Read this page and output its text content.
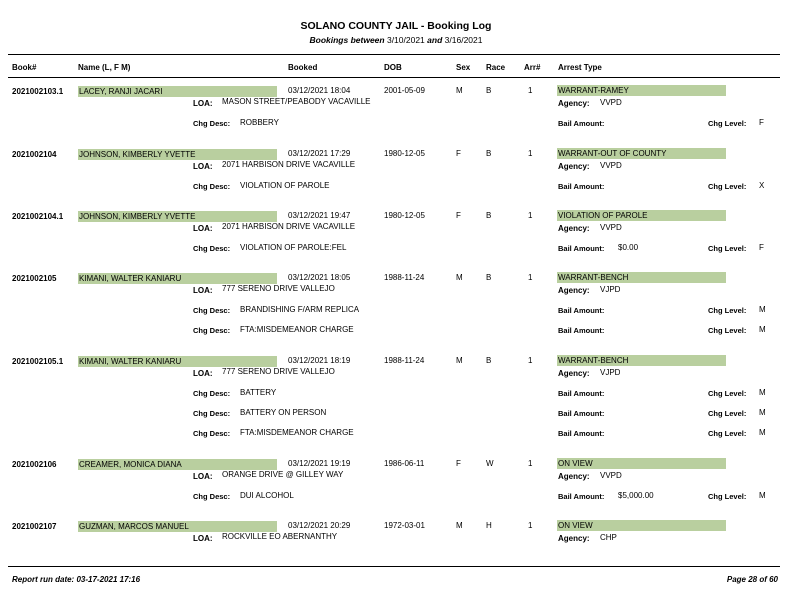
SOLANO COUNTY JAIL - Booking Log
Bookings between 3/10/2021 and 3/16/2021
Book#	Name (L, F M)	Booked	DOB	Sex Race Arr# Arrest Type
2021002103.1 LACEY, RANJI JACARI	03/12/2021 18:04	2001-05-09	M	B	1	WARRANT-RAMEY
LOA: MASON STREET/PEABODY VACAVILLE	Agency: VVPD
Chg Desc: ROBBERY	Bail Amount:	Chg Level: F
2021002104	JOHNSON, KIMBERLY YVETTE	03/12/2021 17:29	1980-12-05	F	B	1	WARRANT-OUT OF COUNTY
LOA: 2071 HARBISON DRIVE VACAVILLE	Agency: VVPD
Chg Desc: VIOLATION OF PAROLE	Bail Amount:	Chg Level: X
2021002104.1 JOHNSON, KIMBERLY YVETTE	03/12/2021 19:47	1980-12-05	F	B	1	VIOLATION OF PAROLE
LOA: 2071 HARBISON DRIVE VACAVILLE	Agency: VVPD
Chg Desc: VIOLATION OF PAROLE:FEL	Bail Amount: $0.00	Chg Level: F
2021002105	KIMANI, WALTER KANIARU	03/12/2021 18:05	1988-11-24	M	B	1	WARRANT-BENCH
LOA: 777 SERENO DRIVE VALLEJO	Agency: VJPD
Chg Desc: BRANDISHING F/ARM REPLICA	Bail Amount:	Chg Level: M
Chg Desc: FTA:MISDEMEANOR CHARGE	Bail Amount:	Chg Level: M
2021002105.1 KIMANI, WALTER KANIARU	03/12/2021 18:19	1988-11-24	M	B	1	WARRANT-BENCH
LOA: 777 SERENO DRIVE VALLEJO	Agency: VJPD
Chg Desc: BATTERY	Bail Amount:	Chg Level: M
Chg Desc: BATTERY ON PERSON	Bail Amount:	Chg Level: M
Chg Desc: FTA:MISDEMEANOR CHARGE	Bail Amount:	Chg Level: M
2021002106	CREAMER, MONICA DIANA	03/12/2021 19:19	1986-06-11	F	W	1	ON VIEW
LOA: ORANGE DRIVE @ GILLEY WAY	Agency: VVPD
Chg Desc: DUI ALCOHOL	Bail Amount: $5,000.00	Chg Level: M
2021002107	GUZMAN, MARCOS MANUEL	03/12/2021 20:29	1972-03-01	M	H	1	ON VIEW
LOA: ROCKVILLE EO ABERNANTHY	Agency: CHP
Report run date: 03-17-2021 17:16	Page 28 of 60
